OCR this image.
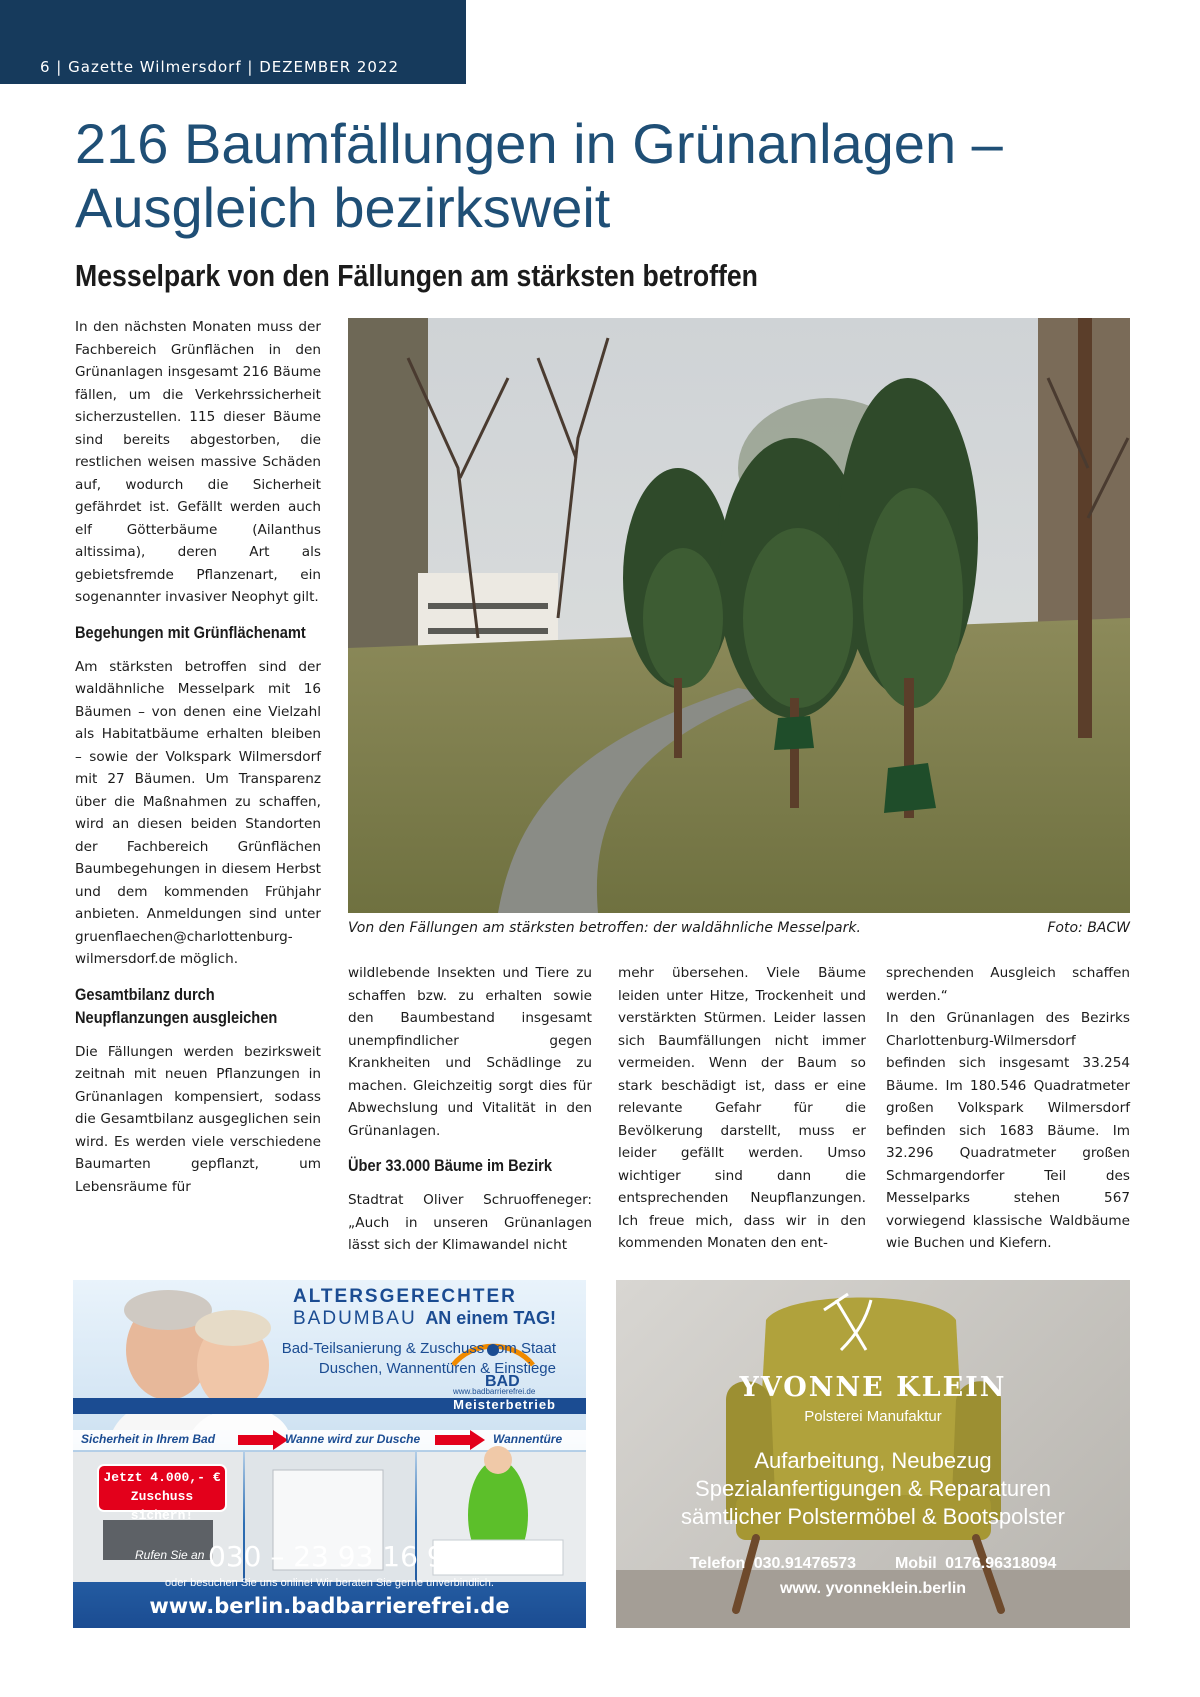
6 | Gazette Wilmersdorf | DEZEMBER 2022
216 Baumfällungen in Grünanlagen – Ausgleich bezirksweit
Messelpark von den Fällungen am stärksten betroffen

In den nächsten Monaten muss der Fachbereich Grünflächen in den Grünanlagen insgesamt 216 Bäume fällen, um die Verkehrssicherheit sicherzustellen. 115 dieser Bäume sind bereits abgestorben, die restlichen weisen massive Schäden auf, wodurch die Sicherheit gefährdet ist. Gefällt werden auch elf Götterbäume (Ailanthus altissima), deren Art als gebietsfremde Pflanzenart, ein sogenannter invasiver Neophyt gilt.

Begehungen mit Grünflächenamt

Am stärksten betroffen sind der waldähnliche Messelpark mit 16 Bäumen – von denen eine Vielzahl als Habitatbäume erhalten bleiben – sowie der Volkspark Wilmersdorf mit 27 Bäumen. Um Transparenz über die Maßnahmen zu schaffen, wird an diesen beiden Standorten der Fachbereich Grünflächen Baumbegehungen in diesem Herbst und dem kommenden Frühjahr anbieten. Anmeldungen sind unter gruenflaechen@charlottenburg-wilmersdorf.de möglich.

Gesamtbilanz durch
Neupflanzungen ausgleichen

Die Fällungen werden bezirksweit zeitnah mit neuen Pflanzungen in Grünanlagen kompensiert, sodass die Gesamtbilanz ausgeglichen sein wird. Es werden viele verschiedene Baumarten gepflanzt, um Lebensräume für

Von den Fällungen am stärksten betroffen: der waldähnliche Messelpark.	Foto: BACW

wildlebende Insekten und Tiere zu schaffen bzw. zu erhalten sowie den Baumbestand insgesamt unempfindlicher gegen Krankheiten und Schädlinge zu machen. Gleichzeitig sorgt dies für Abwechslung und Vitalität in den Grünanlagen.

Über 33.000 Bäume im Bezirk

Stadtrat Oliver Schruoffeneger: „Auch in unseren Grünanlagen lässt sich der Klimawandel nicht

mehr übersehen. Viele Bäume leiden unter Hitze, Trockenheit und verstärkten Stürmen. Leider lassen sich Baumfällungen nicht immer vermeiden. Wenn der Baum so stark beschädigt ist, dass er eine relevante Gefahr für die Bevölkerung darstellt, muss er leider gefällt werden. Umso wichtiger sind dann die entsprechenden Neupflanzungen. Ich freue mich, dass wir in den kommenden Monaten den ent-

sprechenden Ausgleich schaffen werden.“

In den Grünanlagen des Bezirks Charlottenburg-Wilmersdorf befinden sich insgesamt 33.254 Bäume. Im 180.546 Quadratmeter großen Volkspark Wilmersdorf befinden sich 1683 Bäume. Im 32.296 Quadratmeter großen Schmargendorfer Teil des Messelparks stehen 567 vorwiegend klassische Waldbäume wie Buchen und Kiefern.

ALTERSGERECHTER BADUMBAU AN einem TAG!
Bad-Teilsanierung & Zuschuss vom Staat
Duschen, Wannentüren & Einstiege
www.badbarrierefrei.de
BAD
Meisterbetrieb
Sicherheit in Ihrem Bad	Wanne wird zur Dusche	Wannentüre
Jetzt 4.000,- €
Zuschuss sichern!
Rufen Sie an 030 – 23 93 16 93
oder besuchen Sie uns online! Wir beraten Sie gerne unverbindlich.
www.berlin.badbarrierefrei.de
YVONNE KLEIN
Polsterei Manufaktur
Aufarbeitung, Neubezug
Spezialanfertigungen & Reparaturen
sämtlicher Polstermöbel & Bootspolster
Telefon 030.91476573 Mobil 0176.96318094
www. yvonneklein.berlin
